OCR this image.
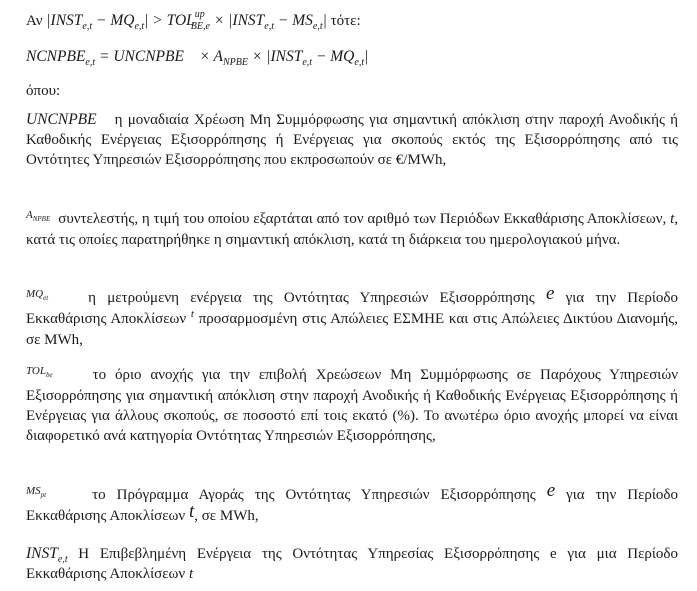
Αν $|INST_{e,t} - MQ_{e,t}| > TOL^{up}_{BE,e}$ × $|INST_{e,t} - MS_{e,t}|$ τότε:
$NCNPBE_{e,t}$ = UNCNPBE    × $A_{NPBE}$ × $|INST_{e,t} - MQ_{e,t}|$
όπου:
UNCNPBE η μοναδιαία Χρέωση Μη Συμμόρφωσης για σημαντική απόκλιση στην παροχή Ανοδικής ή Καθοδικής Ενέργειας Εξισορρόπησης ή Ενέργειας για σκοπούς εκτός της Εξισορρόπησης από τις Οντότητες Υπηρεσιών Εξισορρόπησης που εκπροσωπούν σε €/MWh,
$^{A_{NPBE}}$ συντελεστής, η τιμή του οποίου εξαρτάται από τον αριθμό των Περιόδων Εκκαθάρισης Αποκλίσεων, t, κατά τις οποίες παρατηρήθηκε η σημαντική απόκλιση, κατά τη διάρκεια του ημερολογιακού μήνα.
$^{MQ_{et}}$	η μετρούμενη ενέργεια της Οντότητας Υπηρεσιών Εξισορρόπησης e για την Περίοδο Εκκαθάρισης Αποκλίσεων $^t$ προσαρμοσμένη στις Απώλειες ΕΣΜΗΕ και στις Απώλειες Δικτύου Διανομής, σε MWh,
$^{TOL_{be}}$	το όριο ανοχής για την επιβολή Χρεώσεων Μη Συμμόρφωσης σε Παρόχους Υπηρεσιών Εξισορρόπησης για σημαντική απόκλιση στην παροχή Ανοδικής ή Καθοδικής Ενέργειας Εξισορρόπησης ή Ενέργειας για άλλους σκοπούς, σε ποσοστό επί τοις εκατό (%). Το ανωτέρω όριο ανοχής μπορεί να είναι διαφορετικό ανά κατηγορία Οντότητας Υπηρεσιών Εξισορρόπησης,
$^{MS_{pt}}$	το Πρόγραμμα Αγοράς της Οντότητας Υπηρεσιών Εξισορρόπησης e για την Περίοδο Εκκαθάρισης Αποκλίσεων t, σε MWh,
$INST_{e,t}$ Η Επιβεβλημένη Ενέργεια της Οντότητας Υπηρεσίας Εξισορρόπησης e για μια Περίοδο Εκκαθάρισης Αποκλίσεων t
